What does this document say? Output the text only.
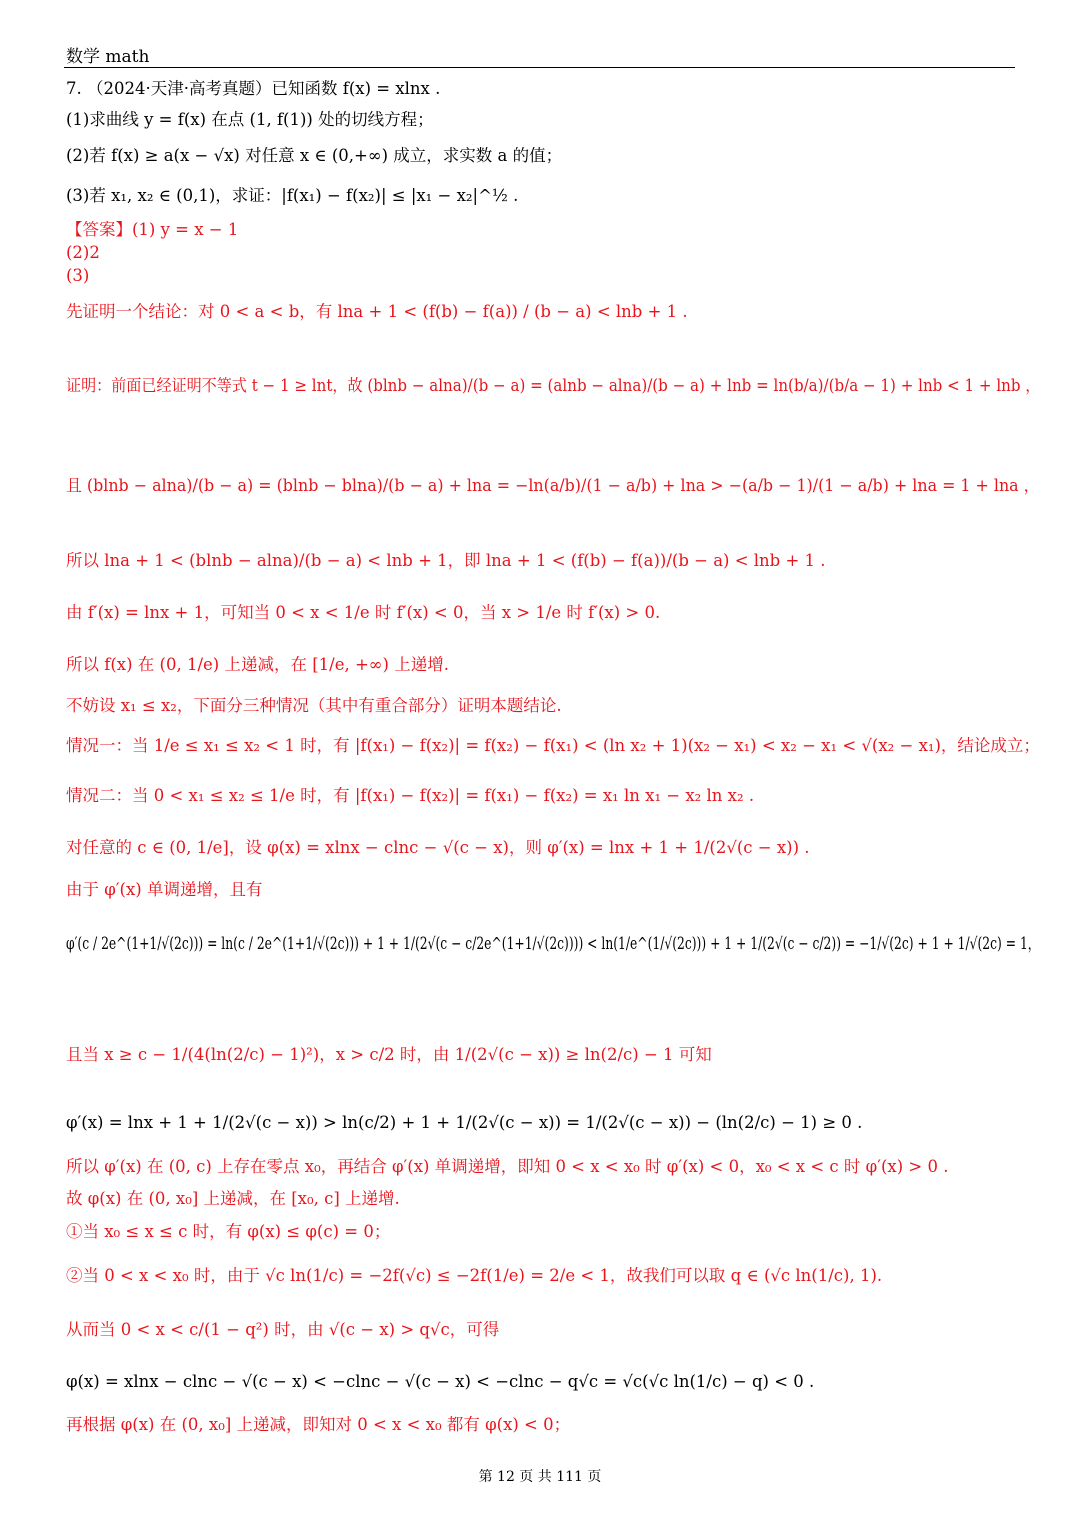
数学 math
7. （2024·天津·高考真题）已知函数 f(x) = xlnx .
(1)求曲线 y = f(x) 在点 (1, f(1)) 处的切线方程；
(2)若 f(x) ≥ a(x − √x) 对任意 x ∈ (0,+∞) 成立，求实数 a 的值；
(3)若 x₁, x₂ ∈ (0,1)，求证：|f(x₁) − f(x₂)| ≤ |x₁ − x₂|^½ .
【答案】(1) y = x − 1
(2)2
(3)
先证明一个结论：对 0 < a < b，有 lna + 1 < (f(b) − f(a)) / (b − a) < lnb + 1 .
证明：前面已经证明不等式 t − 1 ≥ lnt，故 (blnb − alna)/(b − a) = (alnb − alna)/(b − a) + lnb = ln(b/a)/(b/a − 1) + lnb < 1 + lnb ，
且 (blnb − alna)/(b − a) = (blnb − blna)/(b − a) + lna = −ln(a/b)/(1 − a/b) + lna > −(a/b − 1)/(1 − a/b) + lna = 1 + lna ，
所以 lna + 1 < (blnb − alna)/(b − a) < lnb + 1，即 lna + 1 < (f(b) − f(a))/(b − a) < lnb + 1 .
由 f′(x) = lnx + 1，可知当 0 < x < 1/e 时 f′(x) < 0，当 x > 1/e 时 f′(x) > 0.
所以 f(x) 在 (0, 1/e) 上递减，在 [1/e, +∞) 上递增.
不妨设 x₁ ≤ x₂，下面分三种情况（其中有重合部分）证明本题结论.
情况一：当 1/e ≤ x₁ ≤ x₂ < 1 时，有 |f(x₁) − f(x₂)| = f(x₂) − f(x₁) < (ln x₂ + 1)(x₂ − x₁) < x₂ − x₁ < √(x₂ − x₁)，结论成立；
情况二：当 0 < x₁ ≤ x₂ ≤ 1/e 时，有 |f(x₁) − f(x₂)| = f(x₁) − f(x₂) = x₁ ln x₁ − x₂ ln x₂ .
对任意的 c ∈ (0, 1/e]，设 φ(x) = xlnx − clnc − √(c − x)，则 φ′(x) = lnx + 1 + 1/(2√(c − x)) .
由于 φ′(x) 单调递增，且有
φ′(c / 2e^(1+1/√(2c))) = ln(c / 2e^(1+1/√(2c))) + 1 + 1/(2√(c − c/2e^(1+1/√(2c)))) < ln(1/e^(1/√(2c))) + 1 + 1/(2√(c − c/2)) = −1/√(2c) + 1 + 1/√(2c) = 1，
且当 x ≥ c − 1/(4(ln(2/c) − 1)²)，x > c/2 时，由 1/(2√(c − x)) ≥ ln(2/c) − 1 可知
φ′(x) = lnx + 1 + 1/(2√(c − x)) > ln(c/2) + 1 + 1/(2√(c − x)) = 1/(2√(c − x)) − (ln(2/c) − 1) ≥ 0 .
所以 φ′(x) 在 (0, c) 上存在零点 x₀，再结合 φ′(x) 单调递增，即知 0 < x < x₀ 时 φ′(x) < 0，x₀ < x < c 时 φ′(x) > 0 .
故 φ(x) 在 (0, x₀] 上递减，在 [x₀, c] 上递增.
①当 x₀ ≤ x ≤ c 时，有 φ(x) ≤ φ(c) = 0；
②当 0 < x < x₀ 时，由于 √c ln(1/c) = −2f(√c) ≤ −2f(1/e) = 2/e < 1，故我们可以取 q ∈ (√c ln(1/c), 1).
从而当 0 < x < c/(1 − q²) 时，由 √(c − x) > q√c，可得
φ(x) = xlnx − clnc − √(c − x) < −clnc − √(c − x) < −clnc − q√c = √c(√c ln(1/c) − q) < 0 .
再根据 φ(x) 在 (0, x₀] 上递减，即知对 0 < x < x₀ 都有 φ(x) < 0；
第 12 页 共 111 页
